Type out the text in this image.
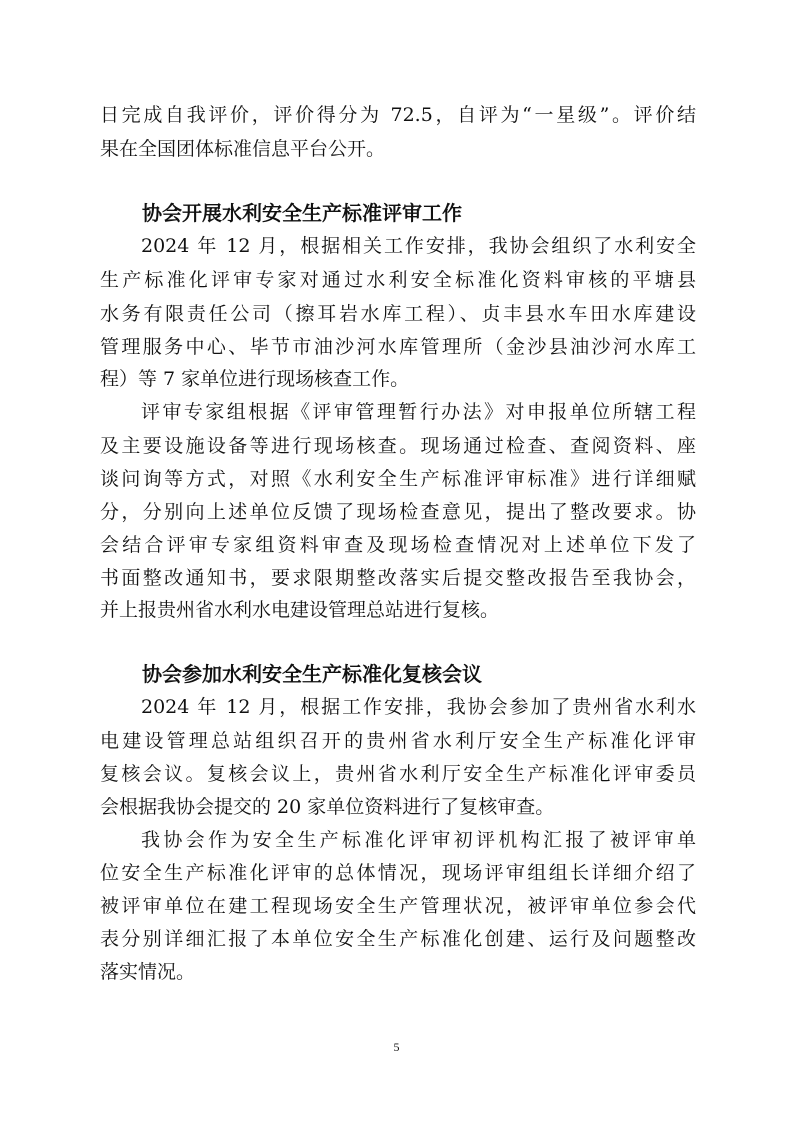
日完成自我评价，评价得分为 72.5，自评为“一星级”。评价结
果在全国团体标准信息平台公开。
协会开展水利安全生产标准评审工作
2024 年 12 月，根据相关工作安排，我协会组织了水利安全
生产标准化评审专家对通过水利安全标准化资料审核的平塘县
水务有限责任公司（擦耳岩水库工程）、贞丰县水车田水库建设
管理服务中心、毕节市油沙河水库管理所（金沙县油沙河水库工
程）等 7 家单位进行现场核查工作。
评审专家组根据《评审管理暂行办法》对申报单位所辖工程
及主要设施设备等进行现场核查。现场通过检查、查阅资料、座
谈问询等方式，对照《水利安全生产标准评审标准》进行详细赋
分，分别向上述单位反馈了现场检查意见，提出了整改要求。协
会结合评审专家组资料审查及现场检查情况对上述单位下发了
书面整改通知书，要求限期整改落实后提交整改报告至我协会，
并上报贵州省水利水电建设管理总站进行复核。
协会参加水利安全生产标准化复核会议
2024 年 12 月，根据工作安排，我协会参加了贵州省水利水
电建设管理总站组织召开的贵州省水利厅安全生产标准化评审
复核会议。复核会议上，贵州省水利厅安全生产标准化评审委员
会根据我协会提交的 20 家单位资料进行了复核审查。
我协会作为安全生产标准化评审初评机构汇报了被评审单
位安全生产标准化评审的总体情况，现场评审组组长详细介绍了
被评审单位在建工程现场安全生产管理状况，被评审单位参会代
表分别详细汇报了本单位安全生产标准化创建、运行及问题整改
落实情况。
5
